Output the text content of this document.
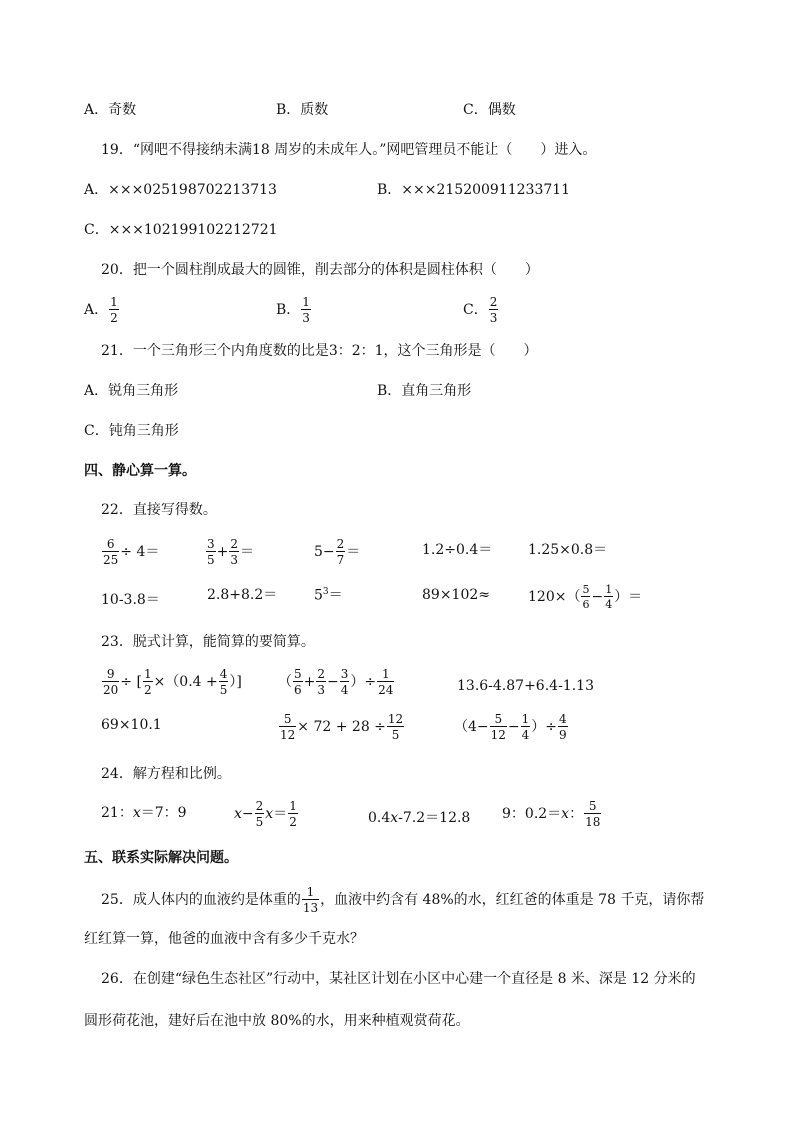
A．奇数	B．质数	C．偶数
19．“网吧不得接纳未满18 周岁的未成年人。”网吧管理员不能让（　　）进入。
A．×××025198702213713	B．×××215200911233711
C．×××102199102212721
20．把一个圆柱削成最大的圆锥，削去部分的体积是圆柱体积（　　）
A． $\frac{1}{2}$	B． $\frac{1}{3}$	C． $\frac{2}{3}$
21．一个三角形三个内角度数的比是3：2：1，这个三角形是（　　）
A．锐角三角形	B．直角三角形
C．钝角三角形
四、静心算一算。
22．直接写得数。
$\frac{6}{25} \div 4=$	$\frac{3}{5} + \frac{2}{3}$ ＝	$5- \frac{2}{7}$ ＝	1.2÷0.4＝	1.25×0.8＝
10-3.8＝	2.8+8.2＝	$5^3=$	89×102≈	$120\times( \frac{5}{6} - \frac{1}{4}$ ）＝
23．脱式计算，能简算的要简算。
$\frac{9}{20}$ ÷ [ $\frac{1}{2} \times(0.4 + \frac{4}{5}$ ）]	（ $\frac{5}{6} + \frac{2}{3} - \frac{3}{4}$ ）÷ $\frac{1}{24}$	13.6-4.87+6.4-1.13
69×10.1	$\frac{5}{12} \times 72 + 28 \div \frac{12}{5}$	（$4- \frac{5}{12} - \frac{1}{4}$ ）÷ $\frac{4}{9}$
24．解方程和比例。
21：x＝7：9	$x- \frac{2}{5} x= \frac{1}{2}$	0.4x-7.2＝12.8 9：0.2＝x： $\frac{5}{18}$
五、联系实际解决问题。
25．成人体内的血液约是体重的 $\frac{1}{13}$ ，血液中约含有 48%的水，红红爸的体重是 78 千克，请你帮
红红算一算，他爸的血液中含有多少千克水？
26．在创建“绿色生态社区”行动中，某社区计划在小区中心建一个直径是 8 米、深是 12 分米的
圆形荷花池，建好后在池中放 80%的水，用来种植观赏荷花。
